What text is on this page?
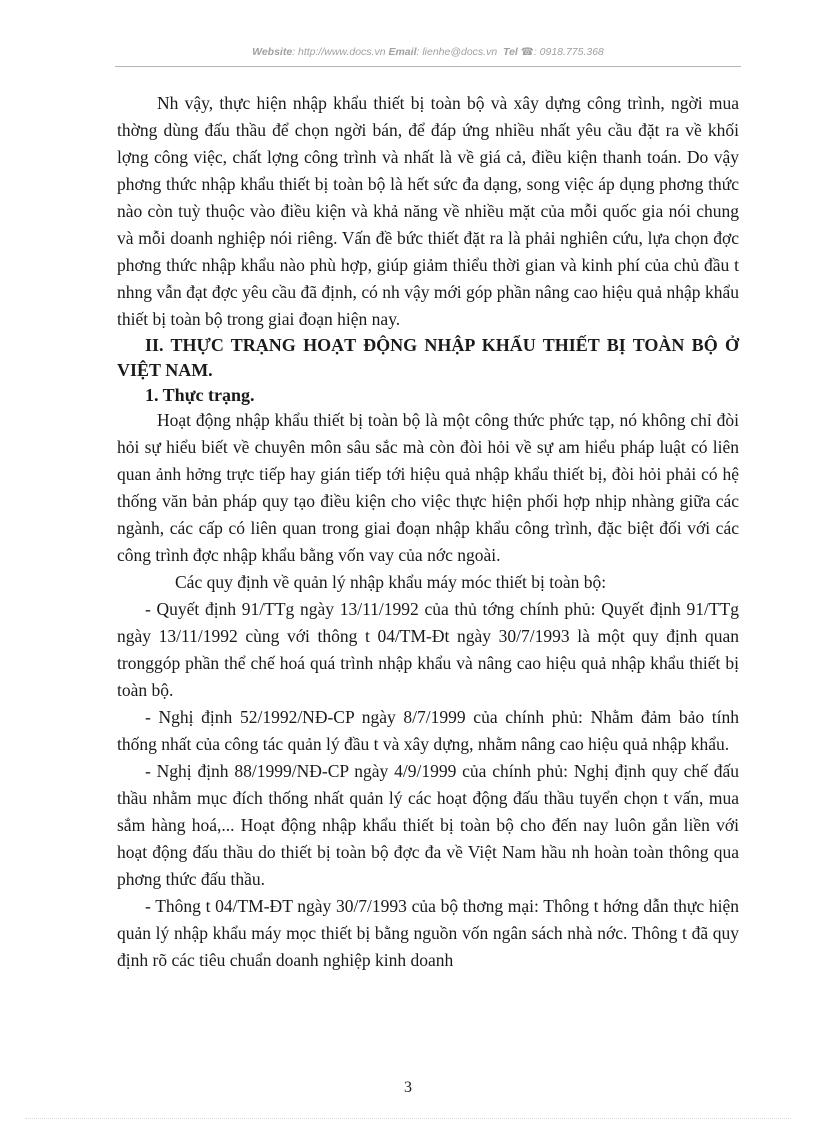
Website: http://www.docs.vn Email: lienhe@docs.vn Tel ☎: 0918.775.368

Nh vậy, thực hiện nhập khẩu thiết bị toàn bộ và xây dựng công trình, ngời mua thờng dùng đấu thầu để chọn ngời bán, để đáp ứng nhiều nhất yêu cầu đặt ra về khối lợng công việc, chất lợng công trình và nhất là về giá cả, điều kiện thanh toán. Do vậy phơng thức nhập khẩu thiết bị toàn bộ là hết sức đa dạng, song việc áp dụng phơng thức nào còn tuỳ thuộc vào điều kiện và khả năng về nhiều mặt của mỗi quốc gia nói chung và mỗi doanh nghiệp nói riêng. Vấn đề bức thiết đặt ra là phải nghiên cứu, lựa chọn đợc phơng thức nhập khẩu nào phù hợp, giúp giảm thiểu thời gian và kinh phí của chủ đầu t nhng vẫn đạt đợc yêu cầu đã định, có nh vậy mới góp phần nâng cao hiệu quả nhập khẩu thiết bị toàn bộ trong giai đoạn hiện nay.

II. THỰC TRẠNG HOẠT ĐỘNG NHẬP KHẨU THIẾT BỊ TOÀN BỘ Ở VIỆT NAM.

1. Thực trạng.

Hoạt động nhập khẩu thiết bị toàn bộ là một công thức phức tạp, nó không chỉ đòi hỏi sự hiểu biết về chuyên môn sâu sắc mà còn đòi hỏi về sự am hiểu pháp luật có liên quan ảnh hởng trực tiếp hay gián tiếp tới hiệu quả nhập khẩu thiết bị, đòi hỏi phải có hệ thống văn bản pháp quy tạo điều kiện cho việc thực hiện phối hợp nhịp nhàng giữa các ngành, các cấp có liên quan trong giai đoạn nhập khẩu công trình, đặc biệt đối với các công trình đợc nhập khẩu bằng vốn vay của nớc ngoài.

Các quy định về quản lý nhập khẩu máy móc thiết bị toàn bộ:

- Quyết định 91/TTg ngày 13/11/1992 của thủ tớng chính phủ: Quyết định 91/TTg ngày 13/11/1992 cùng với thông t 04/TM-Đt ngày 30/7/1993 là một quy định quan tronggóp phần thể chế hoá quá trình nhập khẩu và nâng cao hiệu quả nhập khẩu thiết bị toàn bộ.

- Nghị định 52/1992/NĐ-CP ngày 8/7/1999 của chính phủ: Nhằm đảm bảo tính thống nhất của công tác quản lý đầu t và xây dựng, nhằm nâng cao hiệu quả nhập khẩu.

- Nghị định 88/1999/NĐ-CP ngày 4/9/1999 của chính phủ: Nghị định quy chế đấu thầu nhằm mục đích thống nhất quản lý các hoạt động đấu thầu tuyển chọn t vấn, mua sắm hàng hoá,... Hoạt động nhập khẩu thiết bị toàn bộ cho đến nay luôn gắn liền với hoạt động đấu thầu do thiết bị toàn bộ đợc đa về Việt Nam hầu nh hoàn toàn thông qua phơng thức đấu thầu.

- Thông t 04/TM-ĐT ngày 30/7/1993 của bộ thơng mại: Thông t hớng dẫn thực hiện quản lý nhập khẩu máy mọc thiết bị bằng nguồn vốn ngân sách nhà nớc. Thông t đã quy định rõ các tiêu chuẩn doanh nghiệp kinh doanh

3
